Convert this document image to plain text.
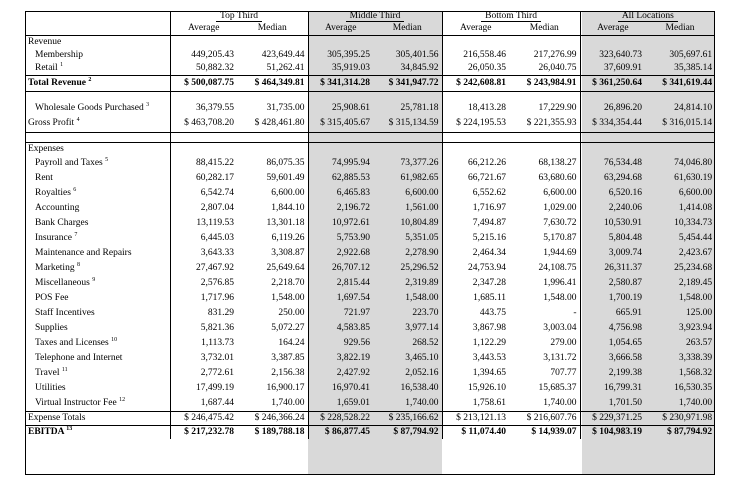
	Top Third		Middle Third		Bottom Third		All Locations	
	Average	Median	Average	Median	Average	Median	Average	Median
Revenue								
Membership	449,205.43	423,649.44	305,395.25	305,401.56	216,558.46	217,276.99	323,640.73	305,697.61
Retail $^1$	50,882.32	51,262.41	35,919.03	34,845.92	26,050.35	26,040.75	37,609.91	35,385.14
Total Revenue $^2$	$ 500,087.75	$ 464,349.81	$ 341,314.28	$ 341,947.72	$ 242,608.81	$ 243,984.91	$ 361,250.64	$ 341,619.44

Wholesale Goods Purchased $^3$	36,379.55	31,735.00	25,908.61	25,781.18	18,413.28	17,229.90	26,896.20	24,814.10
Gross Profit $^4$	$ 463,708.20	$ 428,461.80	$ 315,405.67	$ 315,134.59	$ 224,195.53	$ 221,355.93	$ 334,354.44	$ 316,015.14

Expenses								
Payroll and Taxes $^5$	88,415.22	86,075.35	74,995.94	73,377.26	66,212.26	68,138.27	76,534.48	74,046.80
Rent	60,282.17	59,601.49	62,885.53	61,982.65	66,721.67	63,680.60	63,294.68	61,630.19
Royalties $^6$	6,542.74	6,600.00	6,465.83	6,600.00	6,552.62	6,600.00	6,520.16	6,600.00
Accounting	2,807.04	1,844.10	2,196.72	1,561.00	1,716.97	1,029.00	2,240.06	1,414.08
Bank Charges	13,119.53	13,301.18	10,972.61	10,804.89	7,494.87	7,630.72	10,530.91	10,334.73
Insurance $^7$	6,445.03	6,119.26	5,753.90	5,351.05	5,215.16	5,170.87	5,804.48	5,454.44
Maintenance and Repairs	3,643.33	3,308.87	2,922.68	2,278.90	2,464.34	1,944.69	3,009.74	2,423.67
Marketing $^8$	27,467.92	25,649.64	26,707.12	25,296.52	24,753.94	24,108.75	26,311.37	25,234.68
Miscellaneous $^9$	2,576.85	2,218.70	2,815.44	2,319.89	2,347.28	1,996.41	2,580.87	2,189.45
POS Fee	1,717.96	1,548.00	1,697.54	1,548.00	1,685.11	1,548.00	1,700.19	1,548.00
Staff Incentives	831.29	250.00	721.97	223.70	443.75	-	665.91	125.00
Supplies	5,821.36	5,072.27	4,583.85	3,977.14	3,867.98	3,003.04	4,756.98	3,923.94
Taxes and Licenses $^{10}$	1,113.73	164.24	929.56	268.52	1,122.29	279.00	1,054.65	263.57
Telephone and Internet	3,732.01	3,387.85	3,822.19	3,465.10	3,443.53	3,131.72	3,666.58	3,338.39
Travel $^{11}$	2,772.61	2,156.38	2,427.92	2,052.16	1,394.65	707.77	2,199.38	1,568.32
Utilities	17,499.19	16,900.17	16,970.41	16,538.40	15,926.10	15,685.37	16,799.31	16,530.35
Virtual Instructor Fee $^{12}$	1,687.44	1,740.00	1,659.01	1,740.00	1,758.61	1,740.00	1,701.50	1,740.00
Expense Totals	$ 246,475.42	$ 246,366.24	$ 228,528.22	$ 235,166.62	$ 213,121.13	$ 216,607.76	$ 229,371.25	$ 230,971.98
EBITDA $^{13}$	$ 217,232.78	$ 189,788.18	$ 86,877.45	$ 87,794.92	$ 11,074.40	$ 14,939.07	$ 104,983.19	$ 87,794.92
